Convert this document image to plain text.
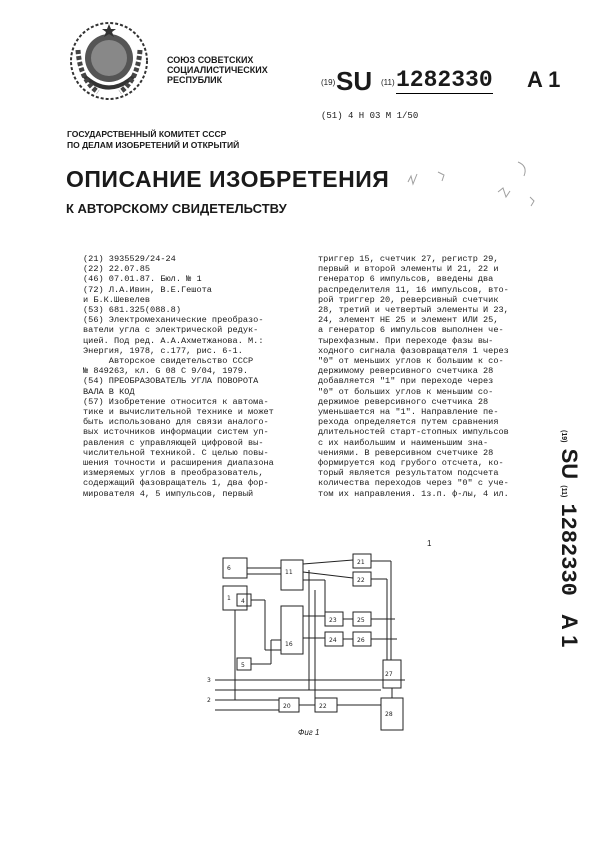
СОЮЗ СОВЕТСКИХ
СОЦИАЛИСТИЧЕСКИХ
РЕСПУБЛИК	(19) SU (11) 1282330 A 1
(51) 4 H 03 M 1/50
ГОСУДАРСТВЕННЫЙ КОМИТЕТ СССР
ПО ДЕЛАМ ИЗОБРЕТЕНИЙ И ОТКРЫТИЙ
ОПИСАНИЕ ИЗОБРЕТЕНИЯ
К АВТОРСКОМУ СВИДЕТЕЛЬСТВУ
(21) 3935529/24-24
(22) 22.07.85
(46) 07.01.87. Бюл. № 1
(72) Л.А.Ивин, В.Е.Гешота
и Б.К.Шевелев
(53) 681.325(088.8)
(56) Электромеханические преобразо-
ватели угла с электрической редук-
цией. Под ред. А.А.Ахметжанова. М.:
Энергия, 1978, с.177, рис. 6-1.
Авторское свидетельство СССР
№ 849263, кл. G 08 C 9/04, 1979.
(54) ПРЕОБРАЗОВАТЕЛЬ УГЛА ПОВОРОТА
ВАЛА В КОД
(57) Изобретение относится к автома-
тике и вычислительной технике и может
быть использовано для связи аналого-
вых источников информации систем уп-
равления с управляющей цифровой вы-
числительной техникой. С целью повы-
шения точности и расширения диапазона
измеряемых углов в преобразователь,
содержащий фазовращатель 1, два фор-
мирователя 4, 5 импульсов, первый
триггер 15, счетчик 27, регистр 29,
первый и второй элементы И 21, 22 и
генератор 6 импульсов, введены два
распределителя 11, 16 импульсов, вто-
рой триггер 20, реверсивный счетчик
28, третий и четвертый элементы И 23,
24, элемент НЕ 25 и элемент ИЛИ 25,
а генератор 6 импульсов выполнен че-
тырехфазным. При переходе фазы вы-
ходного сигнала фазовращателя 1 через
"0" от меньших углов к большим к со-
держимому реверсивного счетчика 28
добавляется "1" при переходе через
"0" от больших углов к меньшим со-
держимое реверсивного счетчика 28
уменьшается на "1". Направление пе-
рехода определяется путем сравнения
длительностей старт-стопных импульсов
с их наибольшим и наименьшим зна-
чениями. В реверсивном счетчике 28
формируется код грубого отсчета, ко-
торый является результатом подсчета
количества переходов через "0" с уче-
том их направления. 1з.п. ф-лы, 4 ил.
(19) SU (11) 1282330 A 1
1
6
1 4
5
11
16
21
22
23
24
25
26
27
20	22
28
3
2
Фиг 1
